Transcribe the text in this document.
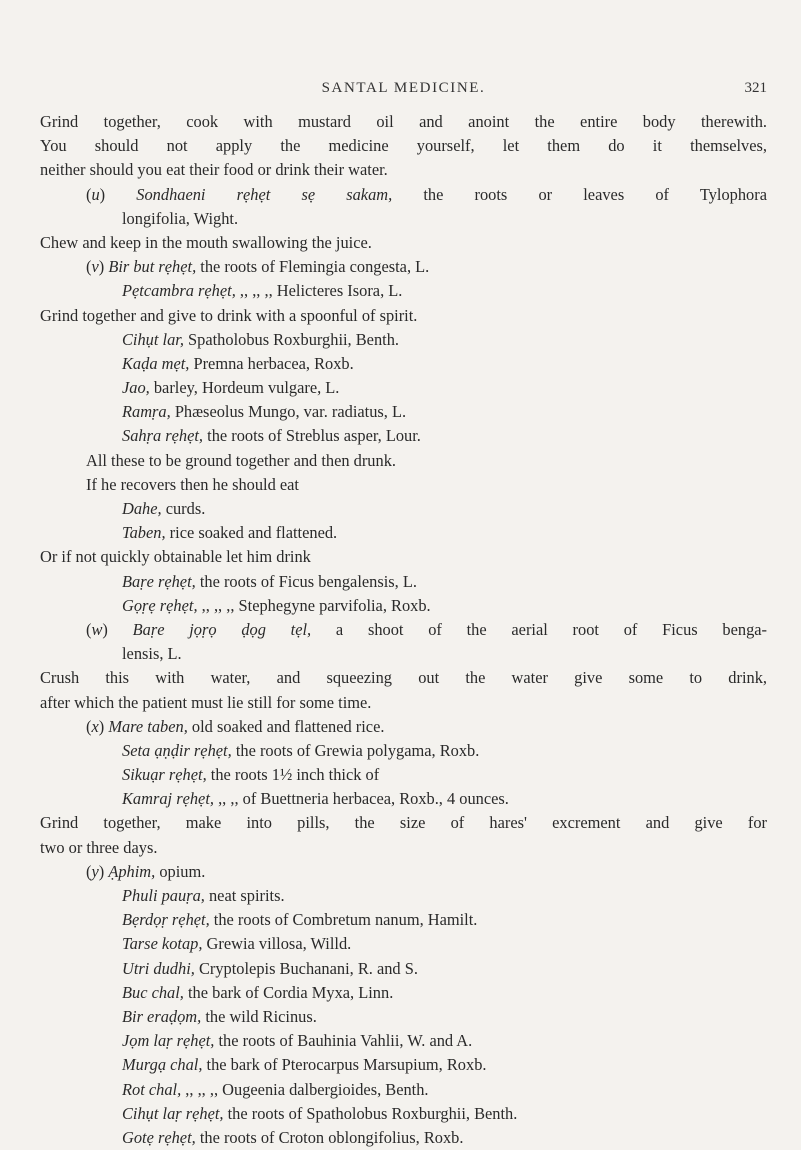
SANTAL MEDICINE.	321
Grind together, cook with mustard oil and anoint the entire body therewith.
You should not apply the medicine yourself, let them do it themselves,
neither should you eat their food or drink their water.
(u) Sondhaeni rẹhẹt sẹ sakam, the roots or leaves of Tylophora
longifolia, Wight.
Chew and keep in the mouth swallowing the juice.
(v) Bir but rẹhẹt, the roots of Flemingia congesta, L.
Pẹtcambra rẹhẹt, ,, ,, ,, Helicteres Isora, L.
Grind together and give to drink with a spoonful of spirit.
Cihụt lar, Spatholobus Roxburghii, Benth.
Kaḍa mẹt, Premna herbacea, Roxb.
Jao, barley, Hordeum vulgare, L.
Ramṛa, Phæseolus Mungo, var. radiatus, L.
Sahṛa rẹhẹt, the roots of Streblus asper, Lour.
All these to be ground together and then drunk.
If he recovers then he should eat
Dahe, curds.
Taben, rice soaked and flattened.
Or if not quickly obtainable let him drink
Baṛe rẹhẹt, the roots of Ficus bengalensis, L.
Gọṛẹ rẹhẹt, ,, ,, ,, Stephegyne parvifolia, Roxb.
(w) Baṛe jọṛọ ḍọg tẹl, a shoot of the aerial root of Ficus benga-
lensis, L.
Crush this with water, and squeezing out the water give some to drink,
after which the patient must lie still for some time.
(x) Mare taben, old soaked and flattened rice.
Seta ạṇḍir rẹhẹt, the roots of Grewia polygama, Roxb.
Sikuạr rẹhẹt, the roots 1½ inch thick of
Kamraj rẹhẹt, ,, ,, of Buettneria herbacea, Roxb., 4 ounces.
Grind together, make into pills, the size of hares' excrement and give for
two or three days.
(y) Ạphim, opium.
Phuli pauṛa, neat spirits.
Bẹrdọṛ rẹhẹt, the roots of Combretum nanum, Hamilt.
Tarse kotap, Grewia villosa, Willd.
Utri dudhi, Cryptolepis Buchanani, R. and S.
Buc chal, the bark of Cordia Myxa, Linn.
Bir eraḍọm, the wild Ricinus.
Jọm laṛ rẹhẹt, the roots of Bauhinia Vahlii, W. and A.
Murgạ chal, the bark of Pterocarpus Marsupium, Roxb.
Rot chal, ,, ,, ,, Ougeenia dalbergioides, Benth.
Cihụt laṛ rẹhẹt, the roots of Spatholobus Roxburghii, Benth.
Gotẹ rẹhẹt, the roots of Croton oblongifolius, Roxb.
